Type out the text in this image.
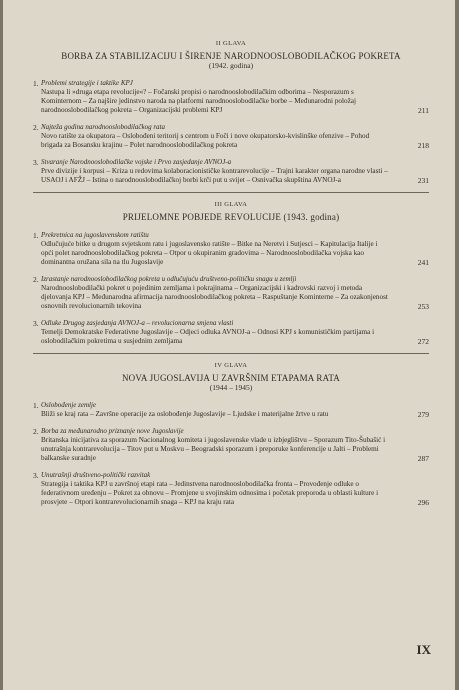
II GLAVA
BORBA ZA STABILIZACIJU I ŠIRENJE NARODNOOSLOBODILAČKOG POKRETA
(1942. godina)
1. Problemi strategije i taktike KPJ
Nastupa li »druga etapa revolucije«? – Fočanski propisi o narodnooslobodilačkim odborima – Nesporazum s Kominternom – Za najšire jedinstvo naroda na platformi narodnooslobodilačke borbe – Međunarodni položaj narodnooslobodilačkog pokreta – Organizacijski problemi KPJ	211
2. Najteža godina narodnooslobodilačkog rata
Novo ratište za okupatora – Oslobođeni teritorij s centrom u Foči i nove okupatorsko-kvislinške ofenzive – Pohod brigada za Bosansku krajinu – Polet narodnooslobodilačkog pokreta	218
3. Stvaranje Narodnooslobodilačke vojske i Prvo zasjedanje AVNOJ-a
Prve divizije i korpusi – Kriza u redovima kolaboracionističke kontrarevolucije – Trajni karakter organa narodne vlasti – USAOJ i AFŽJ – Istina o narodnooslobodilačkoj borbi krči put u svijet – Osnivačka skupština AVNOJ-a	231
III GLAVA
PRIJELOMNE POBJEDE REVOLUCIJE (1943. godina)
1. Prekretnica na jugoslavenskom ratištu
Odlučujuće bitke u drugom svjetskom ratu i jugoslavensko ratište – Bitke na Neretvi i Sutjesci – Kapitulacija Italije i opći polet narodnooslobodilačkog pokreta – Otpor u okupiranim gradovima – Narodnooslobodilačka vojska kao dominantna oružana sila na tlu Jugoslavije	241
2. Izrastanje narodnooslobodilačkog pokreta u odlučujuću društveno-političku snagu u zemlji
Narodnooslobodilački pokret u pojedinim zemljama i pokrajinama – Organizacijski i kadrovski razvoj i metoda djelovanja KPJ – Međunarodna afirmacija narodnooslobodilačkog pokreta – Raspuštanje Kominterne – Za ozakonjenost osnovnih revolucionarnih tekovina	253
3. Odluke Drugog zasjedanja AVNOJ-a – revolucionarna smjena vlasti
Temelji Demokratske Federativne Jugoslavije – Odjeci odluka AVNOJ-a – Odnosi KPJ s komunističkim partijama i oslobodilačkim pokretima u susjednim zemljama	272
IV GLAVA
NOVA JUGOSLAVIJA U ZAVRŠNIM ETAPAMA RATA
(1944 – 1945)
1. Oslobođenje zemlje
Bliži se kraj rata – Završne operacije za oslobođenje Jugoslavije – Ljudske i materijalne žrtve u ratu	279
2. Borba za međunarodno priznanje nove Jugoslavije
Britanska inicijativa za sporazum Nacionalnog komiteta i jugoslavenske vlade u izbjeglištvu – Sporazum Tito-Šubašić i unutrašnja kontrarevolucija – Titov put u Moskvu – Beogradski sporazum i preporuke konferencije u Jalti – Problemi balkanske suradnje	287
3. Unutrašnji društveno-politički razvitak
Strategija i taktika KPJ u završnoj etapi rata – Jedinstvena narodnooslobodilačka fronta – Provođenje odluke o federativnom uređenju – Pokret za obnovu – Promjene u svojinskim odnosima i početak preporoda u oblasti kulture i prosvjete – Otpori kontrarevolucionarnih snaga – KPJ na kraju rata	296
IX
